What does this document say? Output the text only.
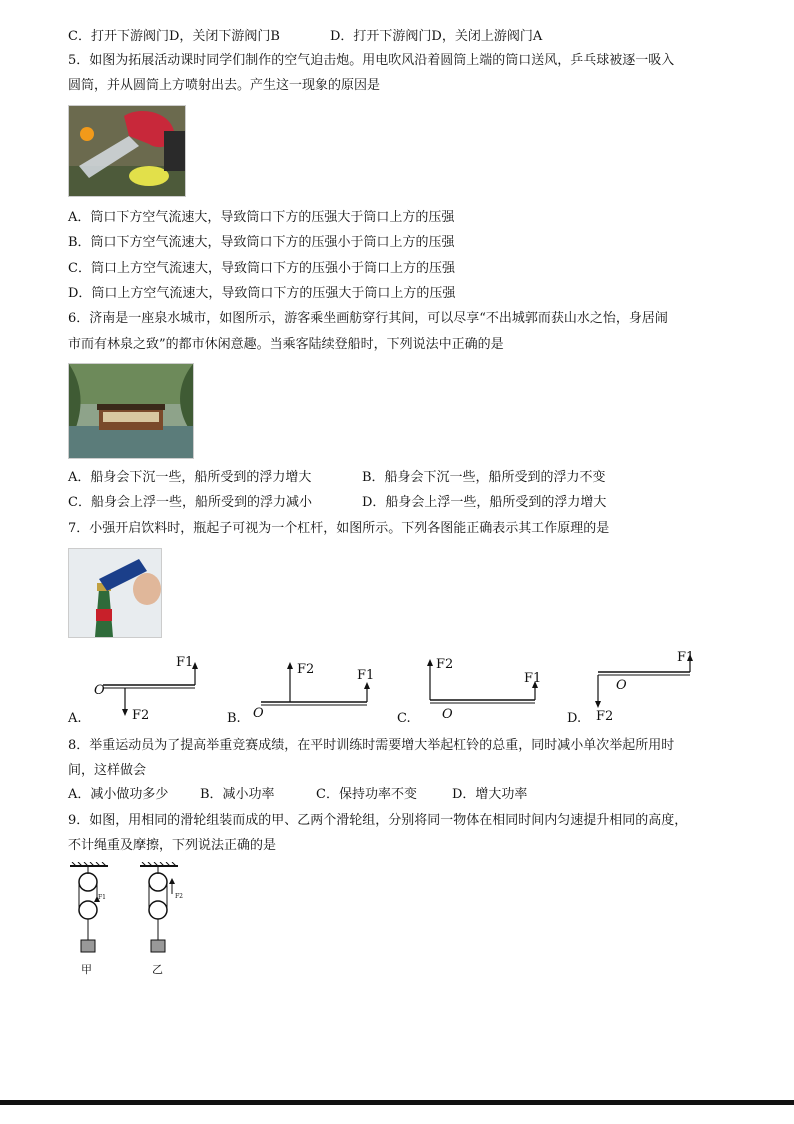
C．打开下游阀门D，关闭下游阀门B	D．打开下游阀门D，关闭上游阀门A
5．如图为拓展活动课时同学们制作的空气迫击炮。用电吹风沿着圆筒上端的筒口送风，乒乓球被逐一吸入
圆筒，并从圆筒上方喷射出去。产生这一现象的原因是
A．筒口下方空气流速大，导致筒口下方的压强大于筒口上方的压强
B．筒口下方空气流速大，导致筒口下方的压强小于筒口上方的压强
C．筒口上方空气流速大，导致筒口下方的压强小于筒口上方的压强
D．筒口上方空气流速大，导致筒口下方的压强大于筒口上方的压强
6．济南是一座泉水城市，如图所示，游客乘坐画舫穿行其间，可以尽享“不出城郭而获山水之怡，身居闹
市而有林泉之致”的都市休闲意趣。当乘客陆续登船时，下列说法中正确的是
A．船身会下沉一些，船所受到的浮力增大	B．船身会下沉一些，船所受到的浮力不变
C．船身会上浮一些，船所受到的浮力减小	D．船身会上浮一些，船所受到的浮力增大
7．小强开启饮料时，瓶起子可视为一个杠杆，如图所示。下列各图能正确表示其工作原理的是
F1
F2
O
A.
F2	F1
O
B.
F2
F1
O
C.
F1
F2
O
D.
8．举重运动员为了提高举重竞赛成绩，在平时训练时需要增大举起杠铃的总重，同时减小单次举起所用时
间，这样做会
A．减小做功多少 B．减小功率	C．保持功率不变	D．增大功率
9．如图，用相同的滑轮组装而成的甲、乙两个滑轮组，分别将同一物体在相同时间内匀速提升相同的高度，
不计绳重及摩擦，下列说法正确的是
F1	F2
甲	乙
